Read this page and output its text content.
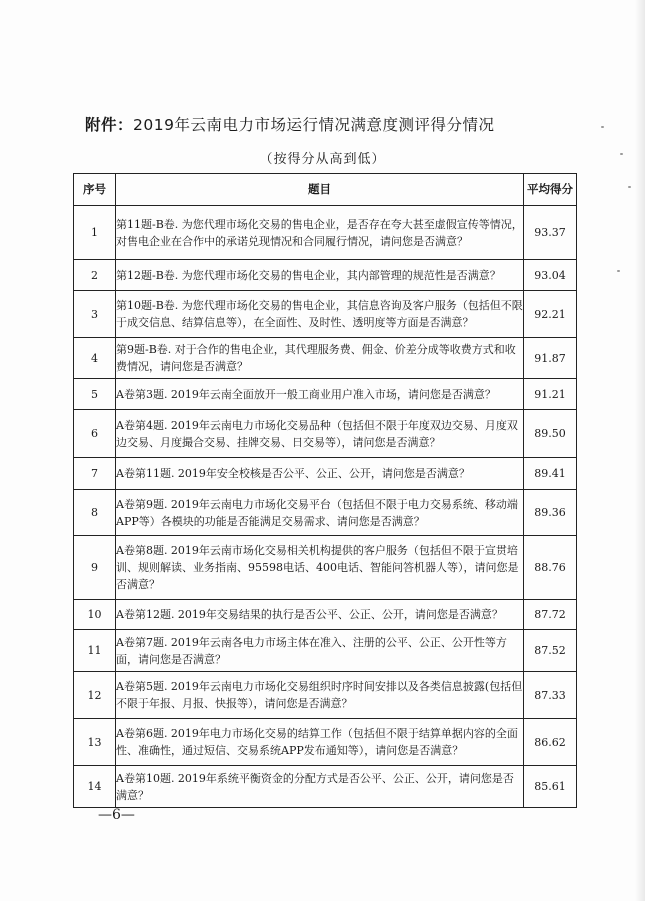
附件：2019年云南电力市场运行情况满意度测评得分情况
（按得分从高到低）
序号	题目	平均得分
1	第11题-B卷. 为您代理市场化交易的售电企业，是否存在夸大甚至虚假宣传等情况，对售电企业在合作中的承诺兑现情况和合同履行情况，请问您是否满意？	93.37
2	第12题-B卷. 为您代理市场化交易的售电企业，其内部管理的规范性是否满意？	93.04
3	第10题-B卷. 为您代理市场化交易的售电企业，其信息咨询及客户服务（包括但不限于成交信息、结算信息等），在全面性、及时性、透明度等方面是否满意？	92.21
4	第9题-B卷. 对于合作的售电企业，其代理服务费、佣金、价差分成等收费方式和收费情况，请问您是否满意？	91.87
5	A卷第3题. 2019年云南全面放开一般工商业用户准入市场，请问您是否满意？	91.21
6	A卷第4题. 2019年云南电力市场化交易品种（包括但不限于年度双边交易、月度双边交易、月度撮合交易、挂牌交易、日交易等），请问您是否满意？	89.50
7	A卷第11题. 2019年安全校核是否公平、公正、公开，请问您是否满意？	89.41
8	A卷第9题. 2019年云南电力市场化交易平台（包括但不限于电力交易系统、移动端APP等）各模块的功能是否能满足交易需求、请问您是否满意？	89.36
9	A卷第8题. 2019年云南市场化交易相关机构提供的客户服务（包括但不限于宣贯培训、规则解读、业务指南、95598电话、400电话、智能问答机器人等），请问您是否满意？	88.76
10	A卷第12题. 2019年交易结果的执行是否公平、公正、公开，请问您是否满意？	87.72
11	A卷第7题. 2019年云南各电力市场主体在准入、注册的公平、公正、公开性等方面，请问您是否满意？	87.52
12	A卷第5题. 2019年云南电力市场化交易组织时序时间安排以及各类信息披露(包括但不限于年报、月报、快报等），请问您是否满意？	87.33
13	A卷第6题. 2019年电力市场化交易的结算工作（包括但不限于结算单据内容的全面性、准确性，通过短信、交易系统APP发布通知等），请问您是否满意？	86.62
14	A卷第10题. 2019年系统平衡资金的分配方式是否公平、公正、公开，请问您是否满意？	85.61
—6—
